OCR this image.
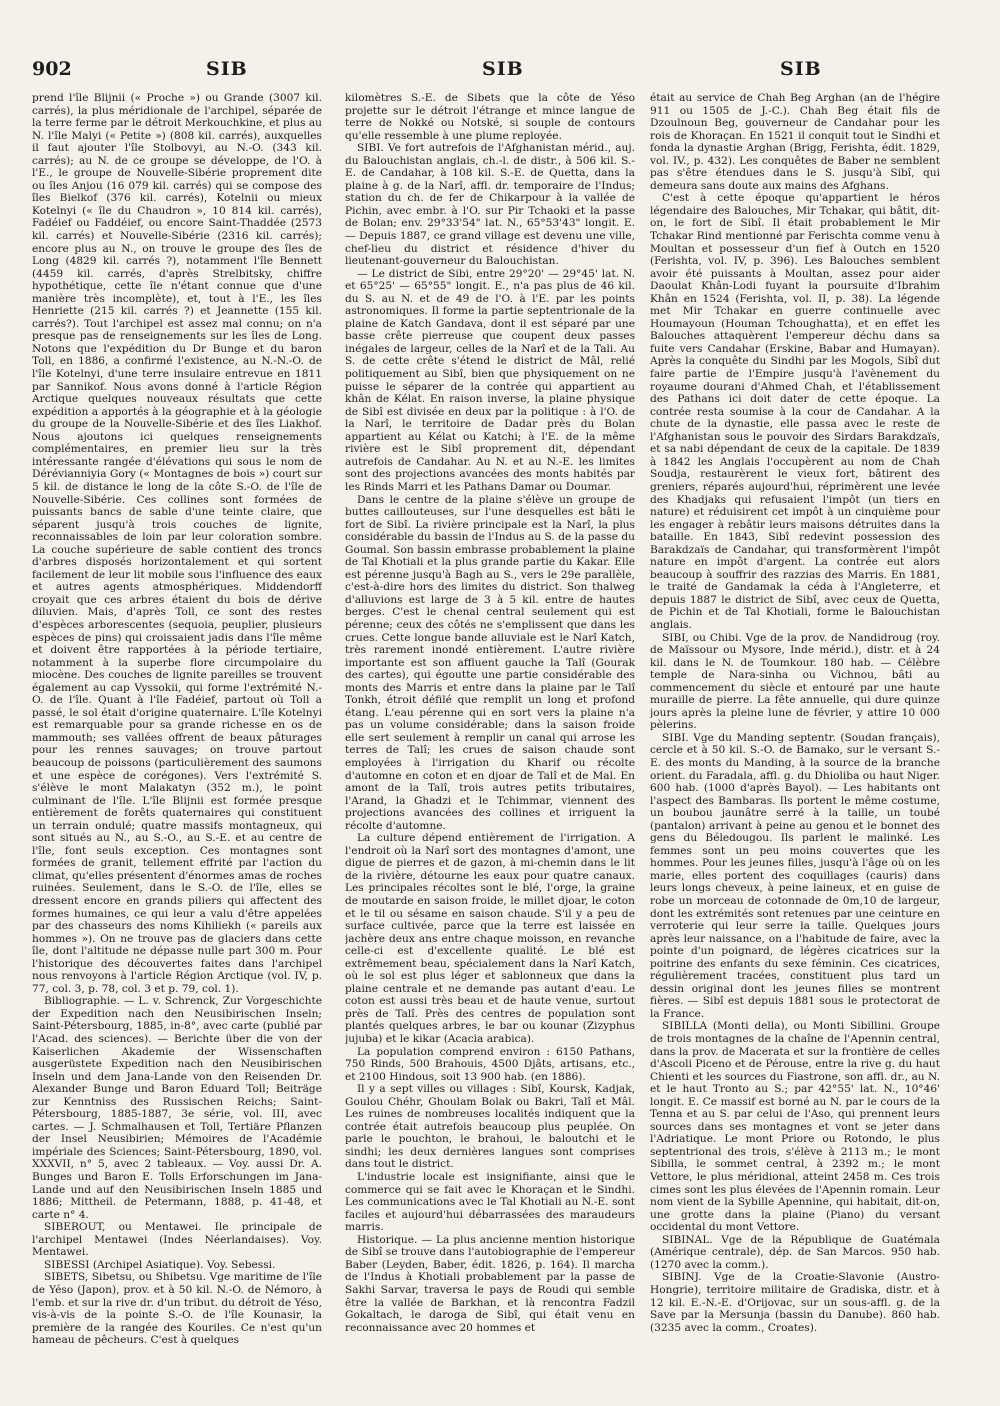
902	SIB	SIB	SIB

prend l'île Blijnii (« Proche ») ou Grande (3007 kil. carrés), la plus méridionale de l'archipel, séparée de la terre ferme par le détroit Merkouchkine, et plus au N. l'île Malyi (« Petite ») (808 kil. carrés), auxquelles il faut ajouter l'île Stolbovyi, au N.-O. (343 kil. carrés); au N. de ce groupe se développe, de l'O. à l'E., le groupe de Nouvelle-Sibérie proprement dite ou îles Anjou (16 079 kil. carrés) qui se compose des îles Bielkof (376 kil. carrés), Kotelnii ou mieux Kotelnyi (« île du Chaudron », 10 814 kil. carrés), Fadéief ou Faddéief, ou encore Saint-Thaddée (2573 kil. carrés) et Nouvelle-Sibérie (2316 kil. carrés); encore plus au N., on trouve le groupe des îles de Long (4829 kil. carrés ?), notamment l'île Bennett (4459 kil. carrés, d'après Strelbitsky, chiffre hypothétique, cette île n'étant connue que d'une manière très incomplète), et, tout à l'E., les îles Henriette (215 kil. carrés ?) et Jeannette (155 kil. carrés?). Tout l'archipel est assez mal connu; on n'a presque pas de renseignements sur les îles de Long. Notons que l'expédition du Dr Bunge et du baron Toll, en 1886, a confirmé l'existence, au N.-N.-O. de l'île Kotelnyi, d'une terre insulaire entrevue en 1811 par Sannikof. Nous avons donné à l'article Région Arctique quelques nouveaux résultats que cette expédition a apportés à la géographie et à la géologie du groupe de la Nouvelle-Sibérie et des îles Liakhof. Nous ajoutons ici quelques renseignements complémentaires, en premier lieu sur la très intéressante rangée d'élévations qui sous le nom de Dérévianniyia Gory (« Montagnes de bois ») court sur 5 kil. de distance le long de la côte S.-O. de l'île de Nouvelle-Sibérie. Ces collines sont formées de puissants bancs de sable d'une teinte claire, que séparent jusqu'à trois couches de lignite, reconnaissables de loin par leur coloration sombre. La couche supérieure de sable contient des troncs d'arbres disposés horizontalement et qui sortent facilement de leur lit mobile sous l'influence des eaux et autres agents atmosphériques. Middendorff croyait que ces arbres étaient du bois de dérive diluvien. Mais, d'après Toll, ce sont des restes d'espèces arborescentes (sequoia, peuplier, plusieurs espèces de pins) qui croissaient jadis dans l'île même et doivent être rapportées à la période tertiaire, notamment à la superbe flore circumpolaire du miocène. Des couches de lignite pareilles se trouvent également au cap Vyssokii, qui forme l'extrémité N.-O. de l'île. Quant à l'île Fadéief, partout où Toll a passé, le sol était d'origine quaternaire. L'île Kotelnyi est remarquable pour sa grande richesse en os de mammouth; ses vallées offrent de beaux pâturages pour les rennes sauvages; on trouve partout beaucoup de poissons (particulièrement des saumons et une espèce de corégones). Vers l'extrémité S. s'élève le mont Malakatyn (352 m.), le point culminant de l'île. L'île Blijnii est formée presque entièrement de forêts quaternaires qui constituent un terrain ondulé; quatre massifs montagneux, qui sont situés au N., au S.-O., au S.-E. et au centre de l'île, font seuls exception. Ces montagnes sont formées de granit, tellement effrité par l'action du climat, qu'elles présentent d'énormes amas de roches ruinées. Seulement, dans le S.-O. de l'île, elles se dressent encore en grands piliers qui affectent des formes humaines, ce qui leur a valu d'être appelées par des chasseurs des noms Kihiliekh (« pareils aux hommes »). On ne trouve pas de glaciers dans cette île, dont l'altitude ne dépasse nulle part 300 m. Pour l'historique des découvertes faites dans l'archipel nous renvoyons à l'article Région Arctique (vol. IV, p. 77, col. 3, p. 78, col. 3 et p. 79, col. 1).

Bibliographie. — L. v. Schrenck, Zur Vorgeschichte der Expedition nach den Neusibirischen Inseln; Saint-Pétersbourg, 1885, in-8°, avec carte (publié par l'Acad. des sciences). — Berichte über die von der Kaiserlichen Akademie der Wissenschaften ausgerüstete Expedition nach den Neusibirischen Inseln und dem Jana-Lande von den Reisenden Dr. Alexander Bunge und Baron Eduard Toll; Beiträge zur Kenntniss des Russischen Reichs; Saint-Pétersbourg, 1885-1887, 3e série, vol. III, avec cartes. — J. Schmalhausen et Toll, Tertiäre Pflanzen der Insel Neusibirien; Mémoires de l'Académie impériale des Sciences; Saint-Pétersbourg, 1890, vol. XXXVII, n° 5, avec 2 tableaux. — Voy. aussi Dr. A. Bunges und Baron E. Tolls Erforschungen im Jana-Lande und auf den Neusibirischen Inseln 1885 und 1886; Mittheil. de Petermann, 1888, p. 41-48, et carte n° 4.

SIBEROUT, ou Mentawei. Ile principale de l'archipel Mentawei (Indes Néerlandaises). Voy. Mentawei.

SIBESSI (Archipel Asiatique). Voy. Sebessi.

SIBETS, Sibetsu, ou Shibetsu. Vge maritime de l'île de Yéso (Japon), prov. et à 50 kil. N.-O. de Némoro, à l'emb. et sur la rive dr. d'un tribut. du détroit de Yéso, vis-à-vis de la pointe S.-O. de l'île Kounasir, la première de la rangée des Kouriles. Ce n'est qu'un hameau de pêcheurs. C'est à quelques

kilomètres S.-E. de Sibets que la côte de Yéso projette sur le détroit l'étrange et mince langue de terre de Nokké ou Notské, si souple de contours qu'elle ressemble à une plume reployée.

SIBI. Ve fort autrefois de l'Afghanistan mérid., auj. du Balouchistan anglais, ch.-l. de distr., à 506 kil. S.-E. de Candahar, à 108 kil. S.-E. de Quetta, dans la plaine à g. de la Narî, affl. dr. temporaire de l'Indus; station du ch. de fer de Chikarpour à la vallée de Pichin, avec embr. à l'O. sur Pir Tchaoki et la passe de Bolan; env. 29°33'54" lat. N., 65°53'43" longit. E. — Depuis 1887, ce grand village est devenu une ville, chef-lieu du district et résidence d'hiver du lieutenant-gouverneur du Balouchistan.

— Le district de Sibi, entre 29°20' — 29°45' lat. N. et 65°25' — 65°55" longit. E., n'a pas plus de 46 kil. du S. au N. et de 49 de l'O. à l'E. par les points astronomiques. Il forme la partie septentrionale de la plaine de Katch Gandava, dont il est séparé par une basse crête pierreuse que coupent deux passes inégales de largeur, celles de la Narî et de la Tali. Au S. de cette crête s'étend le district de Mâl, relié politiquement au Sibî, bien que physiquement on ne puisse le séparer de la contrée qui appartient au khân de Kélat. En raison inverse, la plaine physique de Sibî est divisée en deux par la politique : à l'O. de la Narî, le territoire de Dadar près du Bolan appartient au Kélat ou Katchi; à l'E. de la même rivière est le Sibî proprement dit, dépendant autrefois de Candahar. Au N. et au N.-E. les limites sont des projections avancées des monts habités par les Rinds Marri et les Pathans Damar ou Doumar.

Dans le centre de la plaine s'élève un groupe de buttes caillouteuses, sur l'une desquelles est bâti le fort de Sibî. La rivière principale est la Narî, la plus considérable du bassin de l'Indus au S. de la passe du Goumal. Son bassin embrasse probablement la plaine de Tal Khotiali et la plus grande partie du Kakar. Elle est pérenne jusqu'à Bagh au S., vers le 29e parallèle, c'est-à-dire hors des limites du district. Son thalweg d'alluvions est large de 3 à 5 kil. entre de hautes berges. C'est le chenal central seulement qui est pérenne; ceux des côtés ne s'emplissent que dans les crues. Cette longue bande alluviale est le Narî Katch, très rarement inondé entièrement. L'autre rivière importante est son affluent gauche la Talî (Gourak des cartes), qui égoutte une partie considérable des monts des Marris et entre dans la plaine par le Talî Tonkh, étroit défilé que remplit un long et profond étang. L'eau pérenne qui en sort vers la plaine n'a pas un volume considérable; dans la saison froide elle sert seulement à remplir un canal qui arrose les terres de Talî; les crues de saison chaude sont employées à l'irrigation du Kharif ou récolte d'automne en coton et en djoar de Talî et de Mal. En amont de la Talî, trois autres petits tributaires, l'Arand, la Ghadzi et le Tchimmar, viennent des projections avancées des collines et irriguent la récolte d'automne.

La culture dépend entièrement de l'irrigation. A l'endroit où la Narî sort des montagnes d'amont, une digue de pierres et de gazon, à mi-chemin dans le lit de la rivière, détourne les eaux pour quatre canaux. Les principales récoltes sont le blé, l'orge, la graine de moutarde en saison froide, le millet djoar, le coton et le til ou sésame en saison chaude. S'il y a peu de surface cultivée, parce que la terre est laissée en jachère deux ans entre chaque moisson, en revanche celle-ci est d'excellente qualité. Le blé est extrêmement beau, spécialement dans la Narî Katch, où le sol est plus léger et sablonneux que dans la plaine centrale et ne demande pas autant d'eau. Le coton est aussi très beau et de haute venue, surtout près de Talî. Près des centres de population sont plantés quelques arbres, le bar ou kounar (Zizyphus jujuba) et le kikar (Acacia arabica).

La population comprend environ : 6150 Pathans, 750 Rinds, 500 Brahouis, 4500 Djâts, artisans, etc., et 2100 Hindous, soit 13 900 hab. (en 1886).

Il y a sept villes ou villages : Sibî, Koursk, Kadjak, Goulou Chéhr, Ghoulam Bolak ou Bakri, Talî et Mâl. Les ruines de nombreuses localités indiquent que la contrée était autrefois beaucoup plus peuplée. On parle le pouchton, le brahoui, le baloutchi et le sindhi; les deux dernières langues sont comprises dans tout le district.

L'industrie locale est insignifiante, ainsi que le commerce qui se fait avec le Khoraçan et le Sindhi. Les communications avec le Tal Khotiali au N.-E. sont faciles et aujourd'hui débarrassées des maraudeurs marris.

Historique. — La plus ancienne mention historique de Sibî se trouve dans l'autobiographie de l'empereur Baber (Leyden, Baber, édit. 1826, p. 164). Il marcha de l'Indus à Khotiali probablement par la passe de Sakhi Sarvar, traversa le pays de Roudi qui semble être la vallée de Barkhan, et là rencontra Fadzil Gokaltach, le daroga de Sibî, qui était venu en reconnaissance avec 20 hommes et

était au service de Chah Beg Arghan (an de l'hégire 911 ou 1505 de J.-C.). Chah Beg était fils de Dzoulnoun Beg, gouverneur de Candahar pour les rois de Khoraçan. En 1521 il conquit tout le Sindhi et fonda la dynastie Arghan (Brigg, Ferishta, édit. 1829, vol. IV., p. 432). Les conquêtes de Baber ne semblent pas s'être étendues dans le S. jusqu'à Sibî, qui demeura sans doute aux mains des Afghans.

C'est à cette époque qu'appartient le héros légendaire des Balouches, Mir Tchakar, qui bâtit, dit-on, le fort de Sibî. Il était probablement le Mir Tchakar Rind mentionné par Ferischta comme venu à Moultan et possesseur d'un fief à Outch en 1520 (Ferishta, vol. IV, p. 396). Les Balouches semblent avoir été puissants à Moultan, assez pour aider Daoulat Khân-Lodi fuyant la poursuite d'Ibrahim Khân en 1524 (Ferishta, vol. II, p. 38). La légende met Mir Tchakar en guerre continuelle avec Houmayoun (Houman Tchoughatta), et en effet les Balouches attaquèrent l'empereur déchu dans sa fuite vers Candahar (Erskine, Babar and Humayan). Après la conquête du Sindhi par les Mogols, Sibî dut faire partie de l'Empire jusqu'à l'avènement du royaume dourani d'Ahmed Chah, et l'établissement des Pathans ici doit dater de cette époque. La contrée resta soumise à la cour de Candahar. A la chute de la dynastie, elle passa avec le reste de l'Afghanistan sous le pouvoir des Sirdars Barakdzaïs, et sa nabi dépendant de ceux de la capitale. De 1839 à 1842 les Anglais l'occupèrent au nom de Chah Soudja, restaurèrent le vieux fort, bâtirent des greniers, réparés aujourd'hui, réprimèrent une levée des Khadjaks qui refusaient l'impôt (un tiers en nature) et réduisirent cet impôt à un cinquième pour les engager à rebâtir leurs maisons détruites dans la bataille. En 1843, Sibî redevint possession des Barakdzaïs de Candahar, qui transformèrent l'impôt nature en impôt d'argent. La contrée eut alors beaucoup à souffrir des razzias des Marris. En 1881, le traité de Gandamak la céda à l'Angleterre, et depuis 1887 le district de Sibî, avec ceux de Quetta, de Pichin et de Tal Khotiali, forme le Balouchistan anglais.

SIBI, ou Chibi. Vge de la prov. de Nandidroug (roy. de Maïssour ou Mysore, Inde mérid.), distr. et à 24 kil. dans le N. de Toumkour. 180 hab. — Célèbre temple de Nara-sinha ou Vichnou, bâti au commencement du siècle et entouré par une haute muraille de pierre. La fête annuelle, qui dure quinze jours après la pleine lune de février, y attire 10 000 pèlerins.

SIBI. Vge du Manding septentr. (Soudan français), cercle et à 50 kil. S.-O. de Bamako, sur le versant S.-E. des monts du Manding, à la source de la branche orient. du Faradala, affl. g. du Dhioliba ou haut Niger. 600 hab. (1000 d'après Bayol). — Les habitants ont l'aspect des Bambaras. Ils portent le même costume, un boubou jaunâtre serré à la taille, un toubé (pantalon) arrivant à peine au genou et le bonnet des gens du Béledougou. Ils parlent le malinké. Les femmes sont un peu moins couvertes que les hommes. Pour les jeunes filles, jusqu'à l'âge où on les marie, elles portent des coquillages (cauris) dans leurs longs cheveux, à peine laineux, et en guise de robe un morceau de cotonnade de 0m,10 de largeur, dont les extrémités sont retenues par une ceinture en verroterie qui leur serre la taille. Quelques jours après leur naissance, on a l'habitude de faire, avec la pointe d'un poignard, de légères cicatrices sur la poitrine des enfants du sexe féminin. Ces cicatrices, régulièrement tracées, constituent plus tard un dessin original dont les jeunes filles se montrent fières. — Sibî est depuis 1881 sous le protectorat de la France.

SIBILLA (Monti della), ou Monti Sibillini. Groupe de trois montagnes de la chaîne de l'Apennin central, dans la prov. de Macerata et sur la frontière de celles d'Ascoli Piceno et de Pérouse, entre la rive g. du haut Chienti et les sources du Fiastrone, son affl. dr., au N. et le haut Tronto au S.; par 42°55' lat. N., 10°46' longit. E. Ce massif est borné au N. par le cours de la Tenna et au S. par celui de l'Aso, qui prennent leurs sources dans ses montagnes et vont se jeter dans l'Adriatique. Le mont Priore ou Rotondo, le plus septentrional des trois, s'élève à 2113 m.; le mont Sibilla, le sommet central, à 2392 m.; le mont Vettore, le plus méridional, atteint 2458 m. Ces trois cimes sont les plus élevées de l'Apennin romain. Leur nom vient de la Sybille Apennine, qui habitait, dit-on, une grotte dans la plaine (Piano) du versant occidental du mont Vettore.

SIBINAL. Vge de la République de Guatémala (Amérique centrale), dép. de San Marcos. 950 hab. (1270 avec la comm.).

SIBINJ. Vge de la Croatie-Slavonie (Austro-Hongrie), territoire militaire de Gradiska, distr. et à 12 kil. E.-N.-E. d'Orijovac, sur un sous-affl. g. de la Save par la Mersunja (bassin du Danube). 860 hab. (3235 avec la comm., Croates).
